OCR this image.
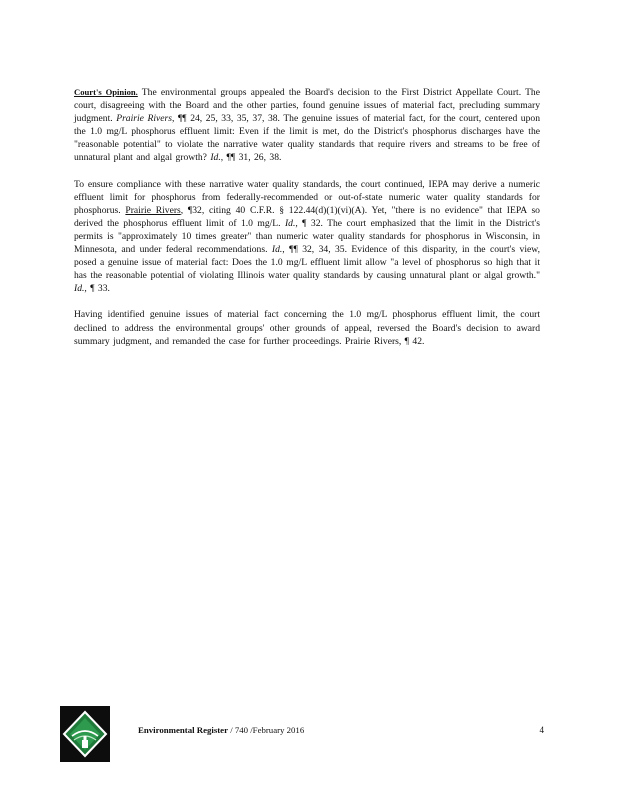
Court's Opinion. The environmental groups appealed the Board's decision to the First District Appellate Court. The court, disagreeing with the Board and the other parties, found genuine issues of material fact, precluding summary judgment. Prairie Rivers, ¶¶ 24, 25, 33, 35, 37, 38. The genuine issues of material fact, for the court, centered upon the 1.0 mg/L phosphorus effluent limit: Even if the limit is met, do the District's phosphorus discharges have the "reasonable potential" to violate the narrative water quality standards that require rivers and streams to be free of unnatural plant and algal growth? Id., ¶¶ 31, 26, 38.

To ensure compliance with these narrative water quality standards, the court continued, IEPA may derive a numeric effluent limit for phosphorus from federally-recommended or out-of-state numeric water quality standards for phosphorus. Prairie Rivers, ¶32, citing 40 C.F.R. § 122.44(d)(1)(vi)(A). Yet, "there is no evidence" that IEPA so derived the phosphorus effluent limit of 1.0 mg/L. Id., ¶ 32. The court emphasized that the limit in the District's permits is "approximately 10 times greater" than numeric water quality standards for phosphorus in Wisconsin, in Minnesota, and under federal recommendations. Id., ¶¶ 32, 34, 35. Evidence of this disparity, in the court's view, posed a genuine issue of material fact: Does the 1.0 mg/L effluent limit allow "a level of phosphorus so high that it has the reasonable potential of violating Illinois water quality standards by causing unnatural plant or algal growth." Id., ¶ 33.

Having identified genuine issues of material fact concerning the 1.0 mg/L phosphorus effluent limit, the court declined to address the environmental groups' other grounds of appeal, reversed the Board's decision to award summary judgment, and remanded the case for further proceedings. Prairie Rivers, ¶ 42.

Environmental Register / 740 /February 2016	4
